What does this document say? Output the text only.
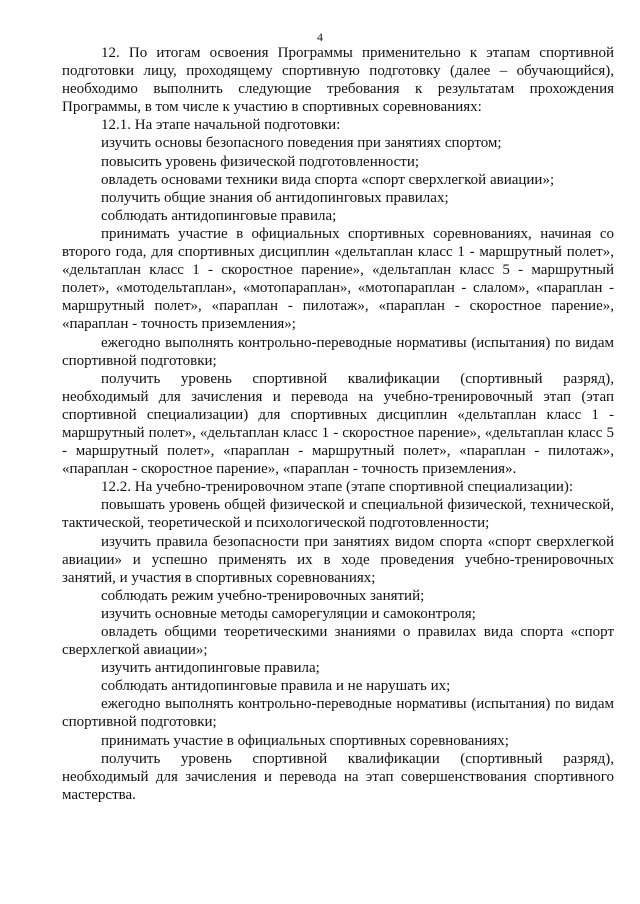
4

12. По итогам освоения Программы применительно к этапам спортивной подготовки лицу, проходящему спортивную подготовку (далее – обучающийся), необходимо выполнить следующие требования к результатам прохождения Программы, в том числе к участию в спортивных соревнованиях:

12.1. На этапе начальной подготовки:

изучить основы безопасного поведения при занятиях спортом;

повысить уровень физической подготовленности;

овладеть основами техники вида спорта «спорт сверхлегкой авиации»;

получить общие знания об антидопинговых правилах;

соблюдать антидопинговые правила;

принимать участие в официальных спортивных соревнованиях, начиная со второго года, для спортивных дисциплин «дельтаплан класс 1 - маршрутный полет», «дельтаплан класс 1 - скоростное парение», «дельтаплан класс 5 - маршрутный полет», «мотодельтаплан», «мотопараплан», «мотопараплан - слалом», «параплан - маршрутный полет», «параплан - пилотаж», «параплан - скоростное парение», «параплан - точность приземления»;

ежегодно выполнять контрольно-переводные нормативы (испытания) по видам спортивной подготовки;

получить уровень спортивной квалификации (спортивный разряд), необходимый для зачисления и перевода на учебно-тренировочный этап (этап спортивной специализации) для спортивных дисциплин «дельтаплан класс 1 - маршрутный полет», «дельтаплан класс 1 - скоростное парение», «дельтаплан класс 5 - маршрутный полет», «параплан - маршрутный полет», «параплан - пилотаж», «параплан - скоростное парение», «параплан - точность приземления».

12.2. На учебно-тренировочном этапе (этапе спортивной специализации):

повышать уровень общей физической и специальной физической, технической, тактической, теоретической и психологической подготовленности;

изучить правила безопасности при занятиях видом спорта «спорт сверхлегкой авиации» и успешно применять их в ходе проведения учебно-тренировочных занятий, и участия в спортивных соревнованиях;

соблюдать режим учебно-тренировочных занятий;

изучить основные методы саморегуляции и самоконтроля;

овладеть общими теоретическими знаниями о правилах вида спорта «спорт сверхлегкой авиации»;

изучить антидопинговые правила;

соблюдать антидопинговые правила и не нарушать их;

ежегодно выполнять контрольно-переводные нормативы (испытания) по видам спортивной подготовки;

принимать участие в официальных спортивных соревнованиях;

получить уровень спортивной квалификации (спортивный разряд), необходимый для зачисления и перевода на этап совершенствования спортивного мастерства.
